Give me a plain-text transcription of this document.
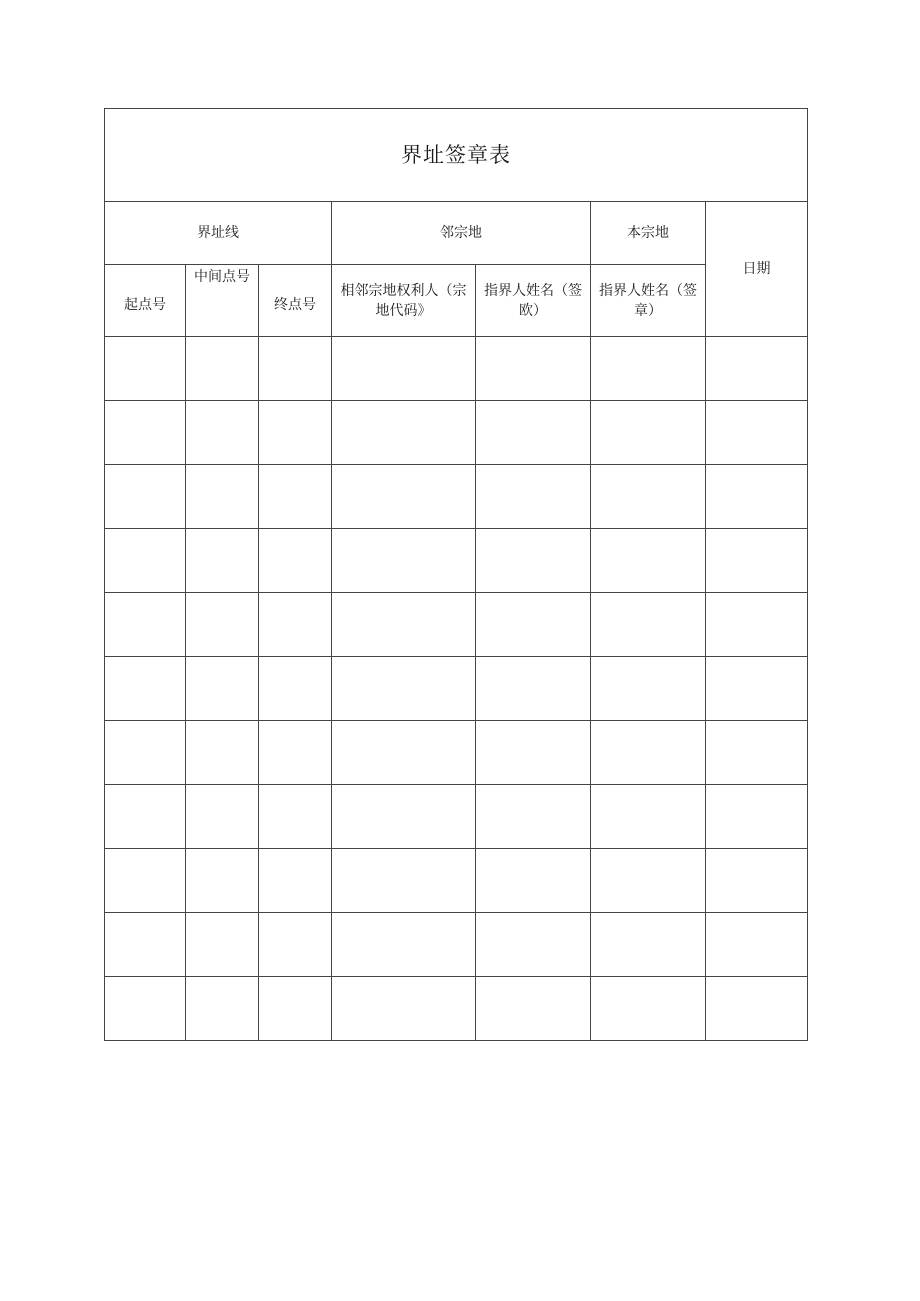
界址签章表						
界址线			邻宗地		本宗地	日期
起点号	中间点号	终点号	相邻宗地权利人（宗地代码》	指界人姓名（签欧）	指界人姓名（签章）	
